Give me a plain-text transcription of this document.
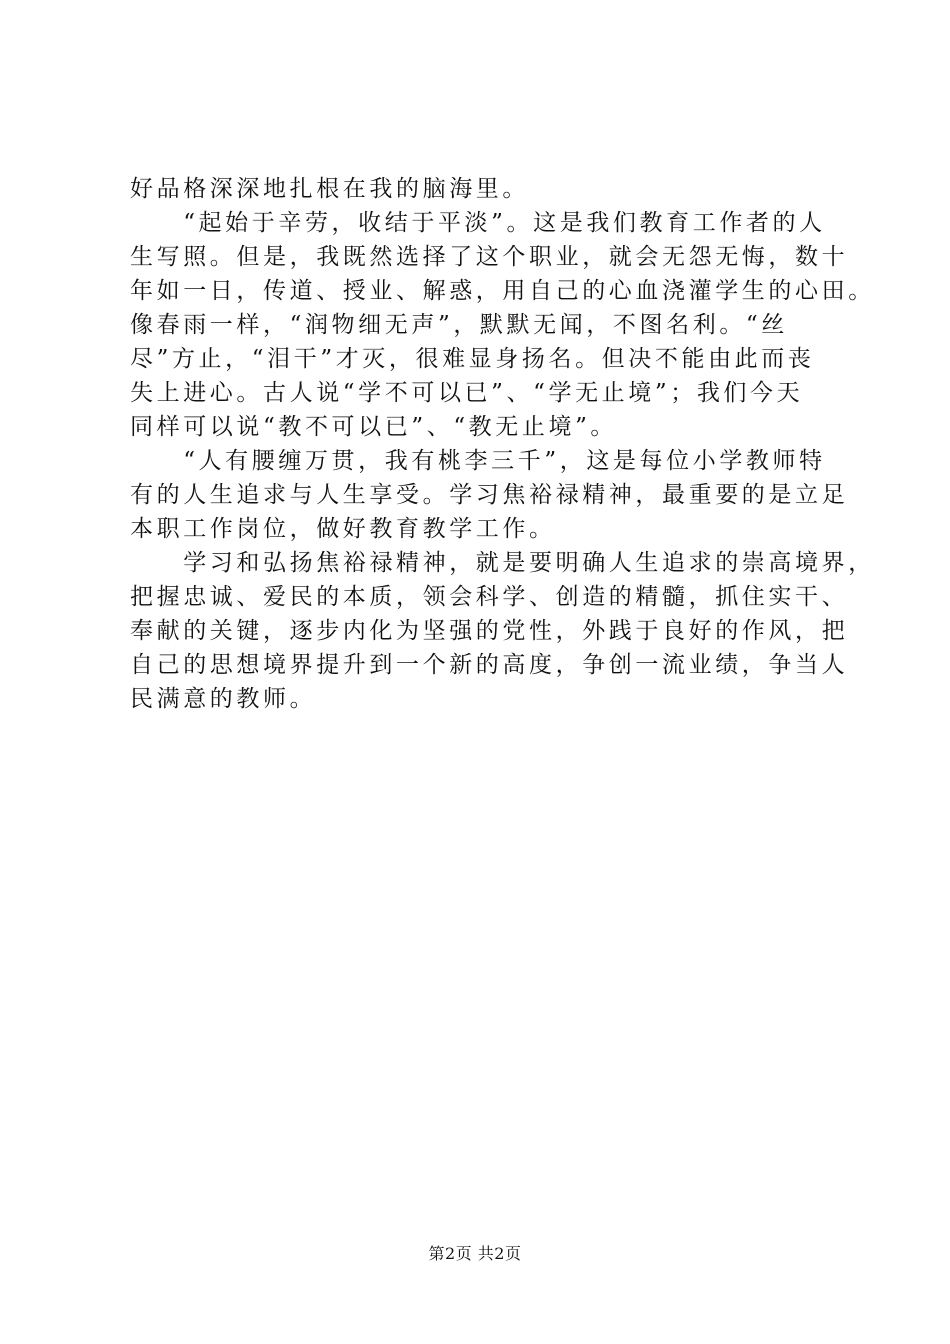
好品格深深地扎根在我的脑海里。
　　“起始于辛劳，收结于平淡”。这是我们教育工作者的人
生写照。但是，我既然选择了这个职业，就会无怨无悔，数十
年如一日，传道、授业、解惑，用自己的心血浇灌学生的心田。
像春雨一样，“润物细无声”，默默无闻，不图名利。“丝
尽”方止，“泪干”才灭，很难显身扬名。但决不能由此而丧
失上进心。古人说“学不可以已”、“学无止境”；我们今天
同样可以说“教不可以已”、“教无止境”。
　　“人有腰缠万贯，我有桃李三千”，这是每位小学教师特
有的人生追求与人生享受。学习焦裕禄精神，最重要的是立足
本职工作岗位，做好教育教学工作。
　　学习和弘扬焦裕禄精神，就是要明确人生追求的崇高境界，
把握忠诚、爱民的本质，领会科学、创造的精髓，抓住实干、
奉献的关键，逐步内化为坚强的党性，外践于良好的作风，把
自己的思想境界提升到一个新的高度，争创一流业绩，争当人
民满意的教师。
第2页 共2页
